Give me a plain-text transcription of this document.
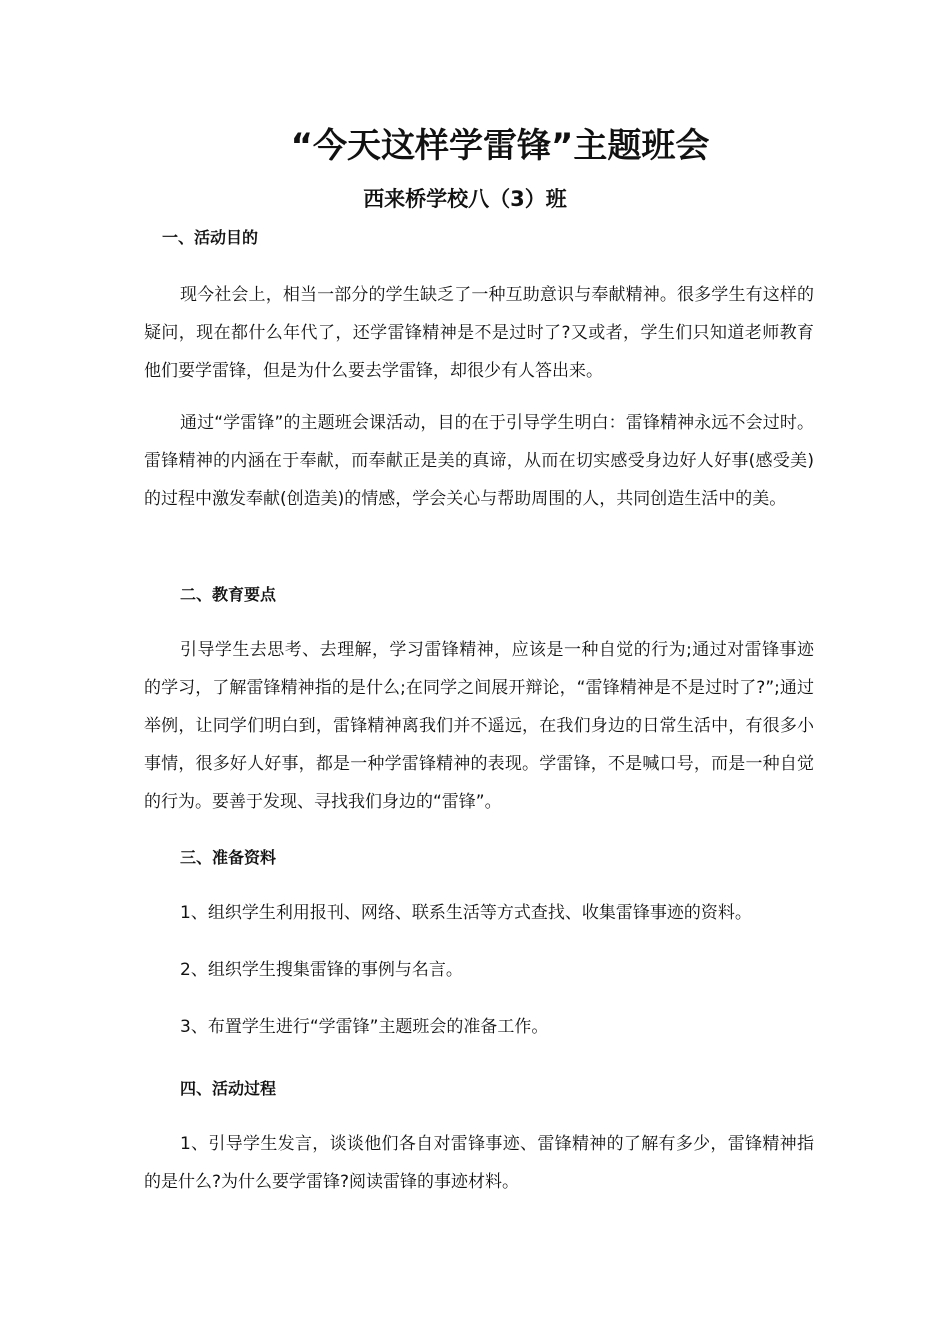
“今天这样学雷锋”主题班会
西来桥学校八（3）班
一、活动目的

现今社会上，相当一部分的学生缺乏了一种互助意识与奉献精神。很多学生有这样的疑问，现在都什么年代了，还学雷锋精神是不是过时了?又或者，学生们只知道老师教育他们要学雷锋，但是为什么要去学雷锋，却很少有人答出来。

通过“学雷锋”的主题班会课活动，目的在于引导学生明白：雷锋精神永远不会过时。雷锋精神的内涵在于奉献，而奉献正是美的真谛，从而在切实感受身边好人好事(感受美)的过程中激发奉献(创造美)的情感，学会关心与帮助周围的人，共同创造生活中的美。

二、教育要点

引导学生去思考、去理解，学习雷锋精神，应该是一种自觉的行为;通过对雷锋事迹的学习，了解雷锋精神指的是什么;在同学之间展开辩论，“雷锋精神是不是过时了?”;通过举例，让同学们明白到，雷锋精神离我们并不遥远，在我们身边的日常生活中，有很多小事情，很多好人好事，都是一种学雷锋精神的表现。学雷锋，不是喊口号，而是一种自觉的行为。要善于发现、寻找我们身边的“雷锋”。

三、准备资料

1、组织学生利用报刊、网络、联系生活等方式查找、收集雷锋事迹的资料。

2、组织学生搜集雷锋的事例与名言。

3、布置学生进行“学雷锋”主题班会的准备工作。

四、活动过程

1、引导学生发言，谈谈他们各自对雷锋事迹、雷锋精神的了解有多少，雷锋精神指的是什么?为什么要学雷锋?阅读雷锋的事迹材料。
